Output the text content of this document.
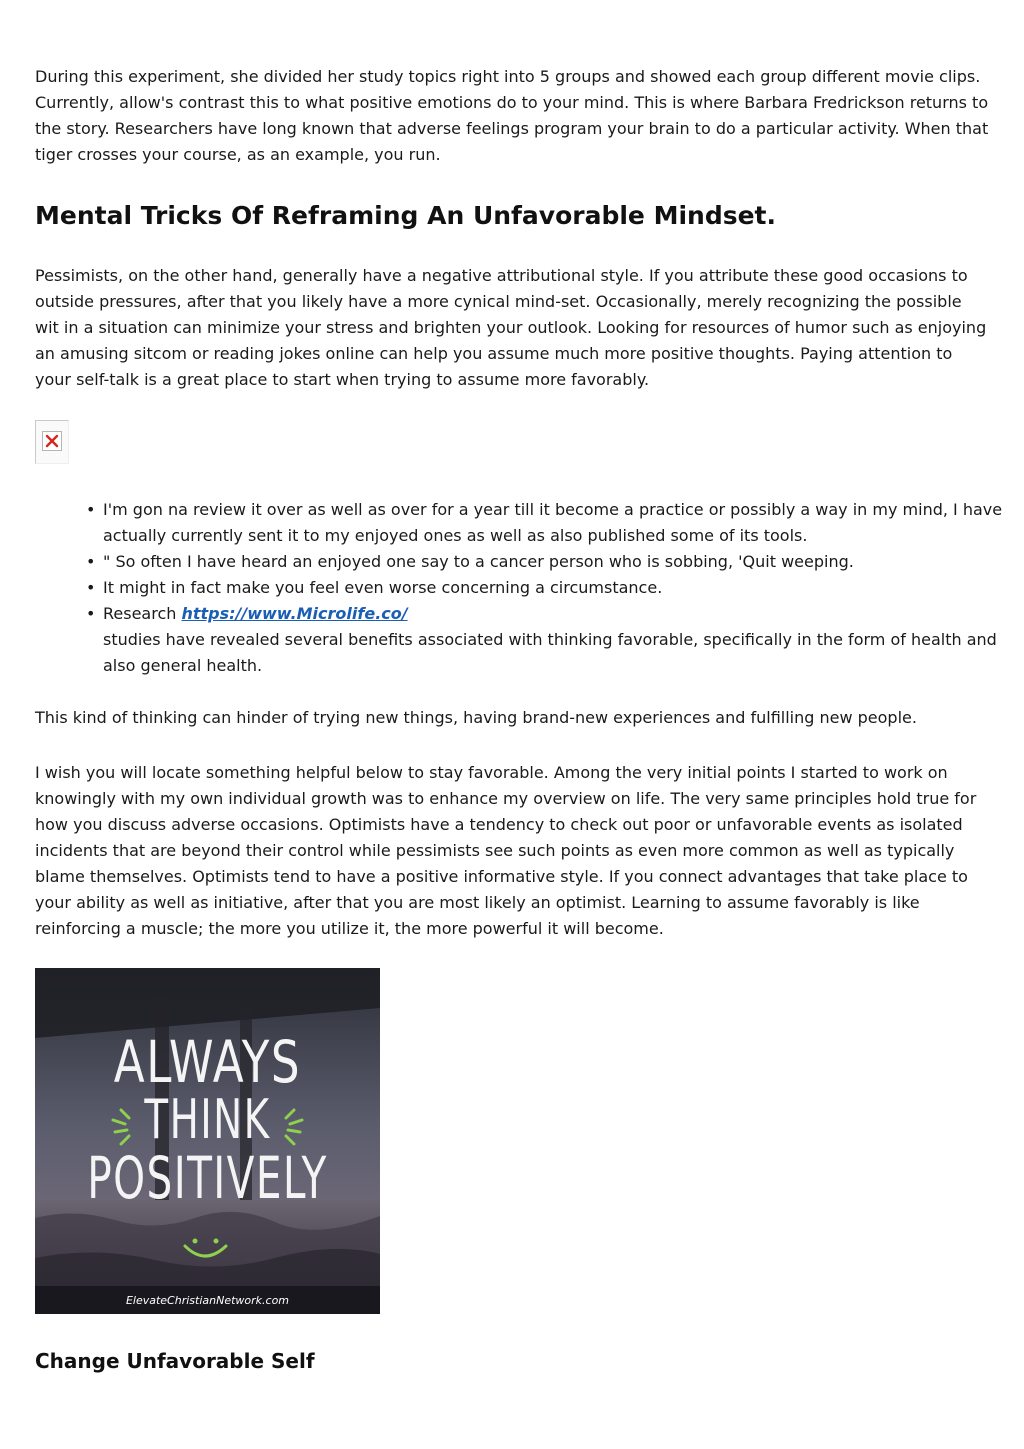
During this experiment, she divided her study topics right into 5 groups and showed each group different movie clips. Currently, allow's contrast this to what positive emotions do to your mind. This is where Barbara Fredrickson returns to the story. Researchers have long known that adverse feelings program your brain to do a particular activity. When that tiger crosses your course, as an example, you run.

Mental Tricks Of Reframing An Unfavorable Mindset.

Pessimists, on the other hand, generally have a negative attributional style. If you attribute these good occasions to outside pressures, after that you likely have a more cynical mind-set. Occasionally, merely recognizing the possible wit in a situation can minimize your stress and brighten your outlook. Looking for resources of humor such as enjoying an amusing sitcom or reading jokes online can help you assume much more positive thoughts. Paying attention to your self-talk is a great place to start when trying to assume more favorably.

• I'm gon na review it over as well as over for a year till it become a practice or possibly a way in my mind, I have actually currently sent it to my enjoyed ones as well as also published some of its tools.
• " So often I have heard an enjoyed one say to a cancer person who is sobbing, 'Quit weeping.
• It might in fact make you feel even worse concerning a circumstance.
• Research https://www.Microlife.co/
studies have revealed several benefits associated with thinking favorable, specifically in the form of health and also general health.

This kind of thinking can hinder of trying new things, having brand-new experiences and fulfilling new people.

I wish you will locate something helpful below to stay favorable. Among the very initial points I started to work on knowingly with my own individual growth was to enhance my overview on life. The very same principles hold true for how you discuss adverse occasions. Optimists have a tendency to check out poor or unfavorable events as isolated incidents that are beyond their control while pessimists see such points as even more common as well as typically blame themselves. Optimists tend to have a positive informative style. If you connect advantages that take place to your ability as well as initiative, after that you are most likely an optimist. Learning to assume favorably is like reinforcing a muscle; the more you utilize it, the more powerful it will become.

ALWAYS
THINK
POSITIVELY
ElevateChristianNetwork.com
Change Unfavorable Self
